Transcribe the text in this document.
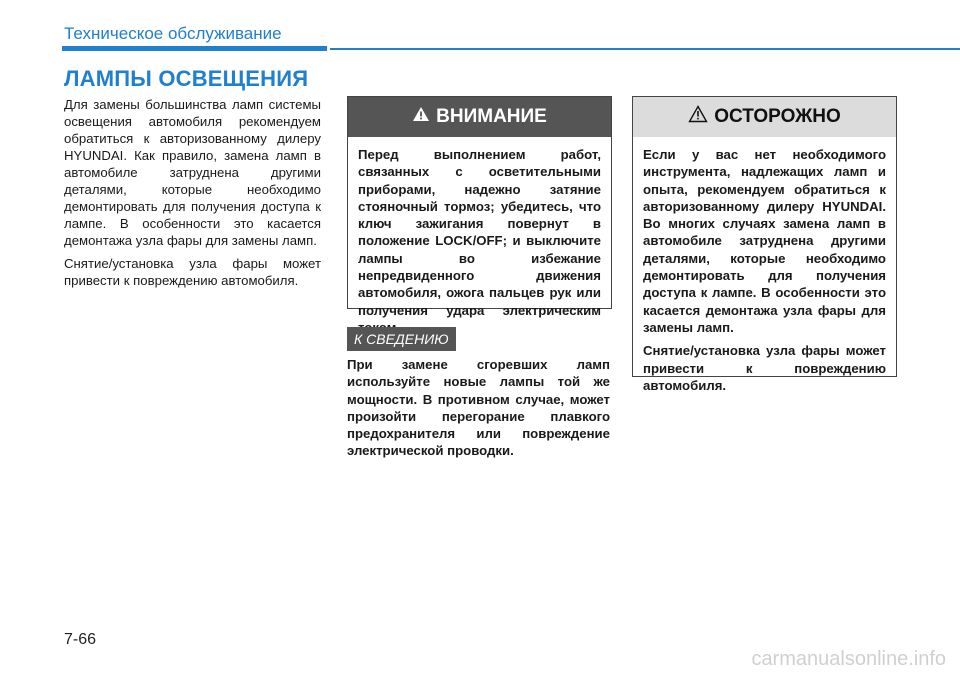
Техническое обслуживание
ЛАМПЫ ОСВЕЩЕНИЯ

Для замены большинства ламп системы освещения автомобиля рекомендуем обратиться к авторизованному дилеру HYUNDAI. Как правило, замена ламп в автомобиле затруднена другими деталями, которые необходимо демонтировать для получения доступа к лампе. В особенности это касается демонтажа узла фары для замены ламп.

Снятие/установка узла фары может привести к повреждению автомобиля.

ВНИМАНИЕ
Перед выполнением работ, связанных с осветительными приборами, надежно затяние стояночный тормоз; убедитесь, что ключ зажигания повернут в положение LOCK/OFF; и выключите лампы во избежание непредвиденного движения автомобиля, ожога пальцев рук или получения удара электрическим
К СВЕДЕНИЮ
При замене сгоревших ламп используйте новые лампы той же мощности. В противном случае, может произойти перегорание плавкого предохранителя или повреждение электрической проводки.
ОСТОРОЖНО

Если у вас нет необходимого инструмента, надлежащих ламп и опыта, рекомендуем обратиться к авторизованному дилеру HYUNDAI. Во многих случаях замена ламп в автомобиле затруднена другими деталями, которые необходимо демонтировать для получения доступа к лампе. В особенности это касается демонтажа узла фары для замены ламп.

Снятие/установка узла фары может привести к повреждению автомобиля.

7-66
carmanualsonline.info
